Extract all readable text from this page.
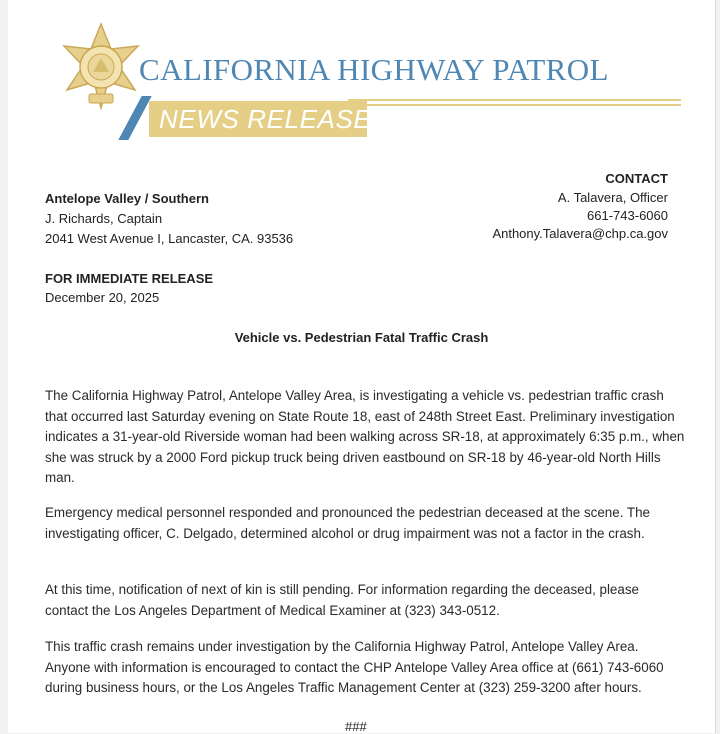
CALIFORNIA HIGHWAY PATROL
NEWS RELEASE
Antelope Valley / Southern
J. Richards, Captain
2041 West Avenue I, Lancaster, CA. 93536
CONTACT
A. Talavera, Officer
661-743-6060
Anthony.Talavera@chp.ca.gov
FOR IMMEDIATE RELEASE
December 20, 2025
Vehicle vs. Pedestrian Fatal Traffic Crash
The California Highway Patrol, Antelope Valley Area, is investigating a vehicle vs. pedestrian traffic crash that occurred last Saturday evening on State Route 18, east of 248th Street East. Preliminary investigation indicates a 31-year-old Riverside woman had been walking across SR-18, at approximately 6:35 p.m., when she was struck by a 2000 Ford pickup truck being driven eastbound on SR-18 by 46-year-old North Hills man.
Emergency medical personnel responded and pronounced the pedestrian deceased at the scene. The investigating officer, C. Delgado, determined alcohol or drug impairment was not a factor in the crash.
At this time, notification of next of kin is still pending. For information regarding the deceased, please contact the Los Angeles Department of Medical Examiner at (323) 343-0512.
This traffic crash remains under investigation by the California Highway Patrol, Antelope Valley Area. Anyone with information is encouraged to contact the CHP Antelope Valley Area office at (661) 743-6060 during business hours, or the Los Angeles Traffic Management Center at (323) 259-3200 after hours.
###
